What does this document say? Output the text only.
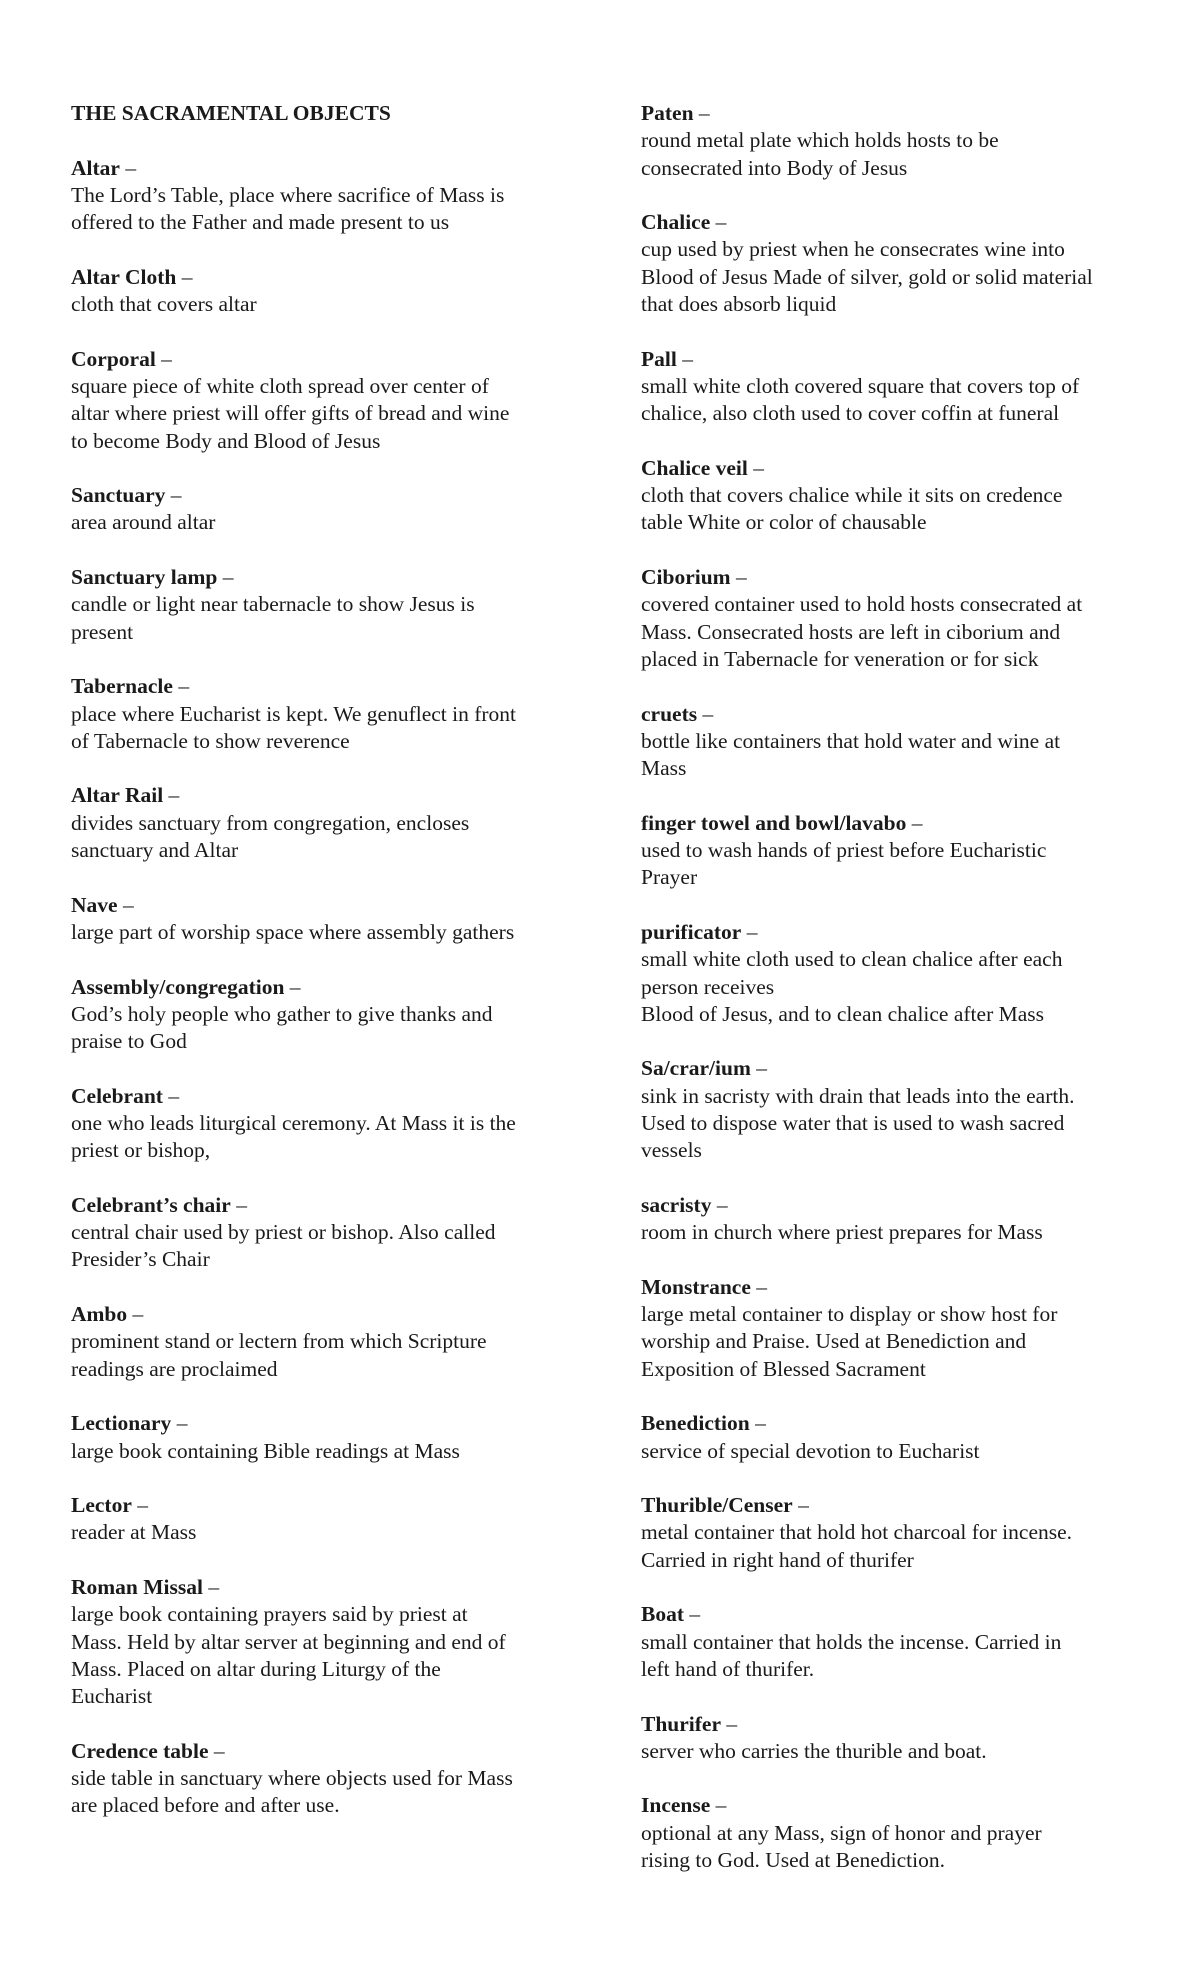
THE SACRAMENTAL OBJECTS
Altar –
The Lord’s Table, place where sacrifice of Mass is
offered to the Father and made present to us
Altar Cloth –
cloth that covers altar
Corporal –
square piece of white cloth spread over center of
altar where priest will offer gifts of bread and wine
to become Body and Blood of Jesus
Sanctuary –
area around altar
Sanctuary lamp –
candle or light near tabernacle to show Jesus is
present
Tabernacle –
place where Eucharist is kept. We genuflect in front
of Tabernacle to show reverence
Altar Rail –
divides sanctuary from congregation, encloses
sanctuary and Altar
Nave –
large part of worship space where assembly gathers
Assembly/congregation –
God’s holy people who gather to give thanks and
praise to God
Celebrant –
one who leads liturgical ceremony. At Mass it is the
priest or bishop,
Celebrant’s chair –
central chair used by priest or bishop. Also called
Presider’s Chair
Ambo –
prominent stand or lectern from which Scripture
readings are proclaimed
Lectionary –
large book containing Bible readings at Mass
Lector –
reader at Mass
Roman Missal –
large book containing prayers said by priest at
Mass. Held by altar server at beginning and end of
Mass. Placed on altar during Liturgy of the
Eucharist
Credence table –
side table in sanctuary where objects used for Mass
are placed before and after use.
Paten –
round metal plate which holds hosts to be
consecrated into Body of Jesus
Chalice –
cup used by priest when he consecrates wine into
Blood of Jesus Made of silver, gold or solid material
that does absorb liquid
Pall –
small white cloth covered square that covers top of
chalice, also cloth used to cover coffin at funeral
Chalice veil –
cloth that covers chalice while it sits on credence
table White or color of chausable
Ciborium –
covered container used to hold hosts consecrated at
Mass. Consecrated hosts are left in ciborium and
placed in Tabernacle for veneration or for sick
cruets –
bottle like containers that hold water and wine at
Mass
finger towel and bowl/lavabo –
used to wash hands of priest before Eucharistic
Prayer
purificator –
small white cloth used to clean chalice after each
person receives
Blood of Jesus, and to clean chalice after Mass
Sa/crar/ium –
sink in sacristy with drain that leads into the earth.
Used to dispose water that is used to wash sacred
vessels
sacristy –
room in church where priest prepares for Mass
Monstrance –
large metal container to display or show host for
worship and Praise. Used at Benediction and
Exposition of Blessed Sacrament
Benediction –
service of special devotion to Eucharist
Thurible/Censer –
metal container that hold hot charcoal for incense.
Carried in right hand of thurifer
Boat –
small container that holds the incense. Carried in
left hand of thurifer.
Thurifer –
server who carries the thurible and boat.
Incense –
optional at any Mass, sign of honor and prayer
rising to God. Used at Benediction.
